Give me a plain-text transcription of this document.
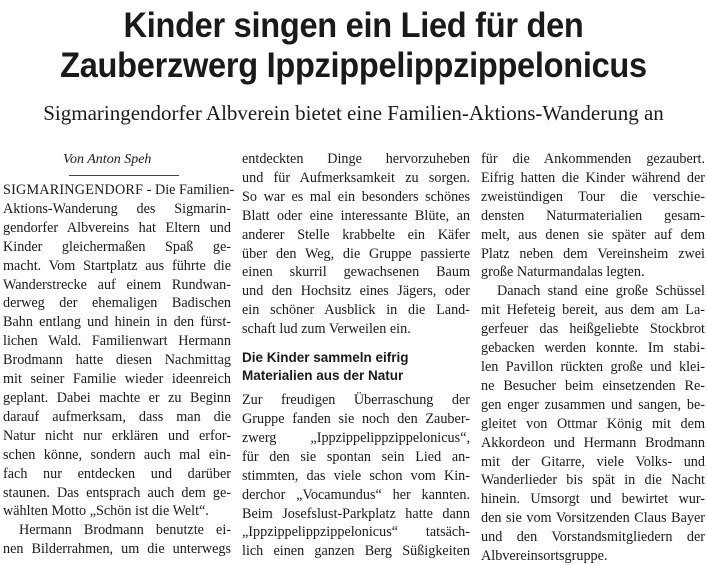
Kinder singen ein Lied für den
Zauberzwerg Ippzippelippzippelonicus
Sigmaringendorfer Albverein bietet eine Familien-Aktions-Wanderung an
Von Anton Speh
SIGMARINGENDORF - Die Familien-
Aktions-Wanderung des Sigmarin-
gendorfer Albvereins hat Eltern und
Kinder gleichermaßen Spaß ge-
macht. Vom Startplatz aus führte die
Wanderstrecke auf einem Rundwan-
derweg der ehemaligen Badischen
Bahn entlang und hinein in den fürst-
lichen Wald. Familienwart Hermann
Brodmann hatte diesen Nachmittag
mit seiner Familie wieder ideenreich
geplant. Dabei machte er zu Beginn
darauf aufmerksam, dass man die
Natur nicht nur erklären und erfor-
schen könne, sondern auch mal ein-
fach nur entdecken und darüber
staunen. Das entsprach auch dem ge-
wählten Motto „Schön ist die Welt“.
Hermann Brodmann benutzte ei-
nen Bilderrahmen, um die unterwegs
entdeckten Dinge hervorzuheben
und für Aufmerksamkeit zu sorgen.
So war es mal ein besonders schönes
Blatt oder eine interessante Blüte, an
anderer Stelle krabbelte ein Käfer
über den Weg, die Gruppe passierte
einen skurril gewachsenen Baum
und den Hochsitz eines Jägers, oder
ein schöner Ausblick in die Land-
schaft lud zum Verweilen ein.
Die Kinder sammeln eifrig
Materialien aus der Natur
Zur freudigen Überraschung der
Gruppe fanden sie noch den Zauber-
zwerg „Ippzippelippzippelonicus“,
für den sie spontan sein Lied an-
stimmten, das viele schon vom Kin-
derchor „Vocamundus“ her kannten.
Beim Josefslust-Parkplatz hatte dann
„Ippzippelippzippelonicus“ tatsäch-
lich einen ganzen Berg Süßigkeiten
für die Ankommenden gezaubert.
Eifrig hatten die Kinder während der
zweistündigen Tour die verschie-
densten Naturmaterialien gesam-
melt, aus denen sie später auf dem
Platz neben dem Vereinsheim zwei
große Naturmandalas legten.
Danach stand eine große Schüssel
mit Hefeteig bereit, aus dem am La-
gerfeuer das heißgeliebte Stockbrot
gebacken werden konnte. Im stabi-
len Pavillon rückten große und klei-
ne Besucher beim einsetzenden Re-
gen enger zusammen und sangen, be-
gleitet von Ottmar König mit dem
Akkordeon und Hermann Brodmann
mit der Gitarre, viele Volks- und
Wanderlieder bis spät in die Nacht
hinein. Umsorgt und bewirtet wur-
den sie vom Vorsitzenden Claus Bayer
und den Vorstandsmitgliedern der
Albvereinsortsgruppe.
